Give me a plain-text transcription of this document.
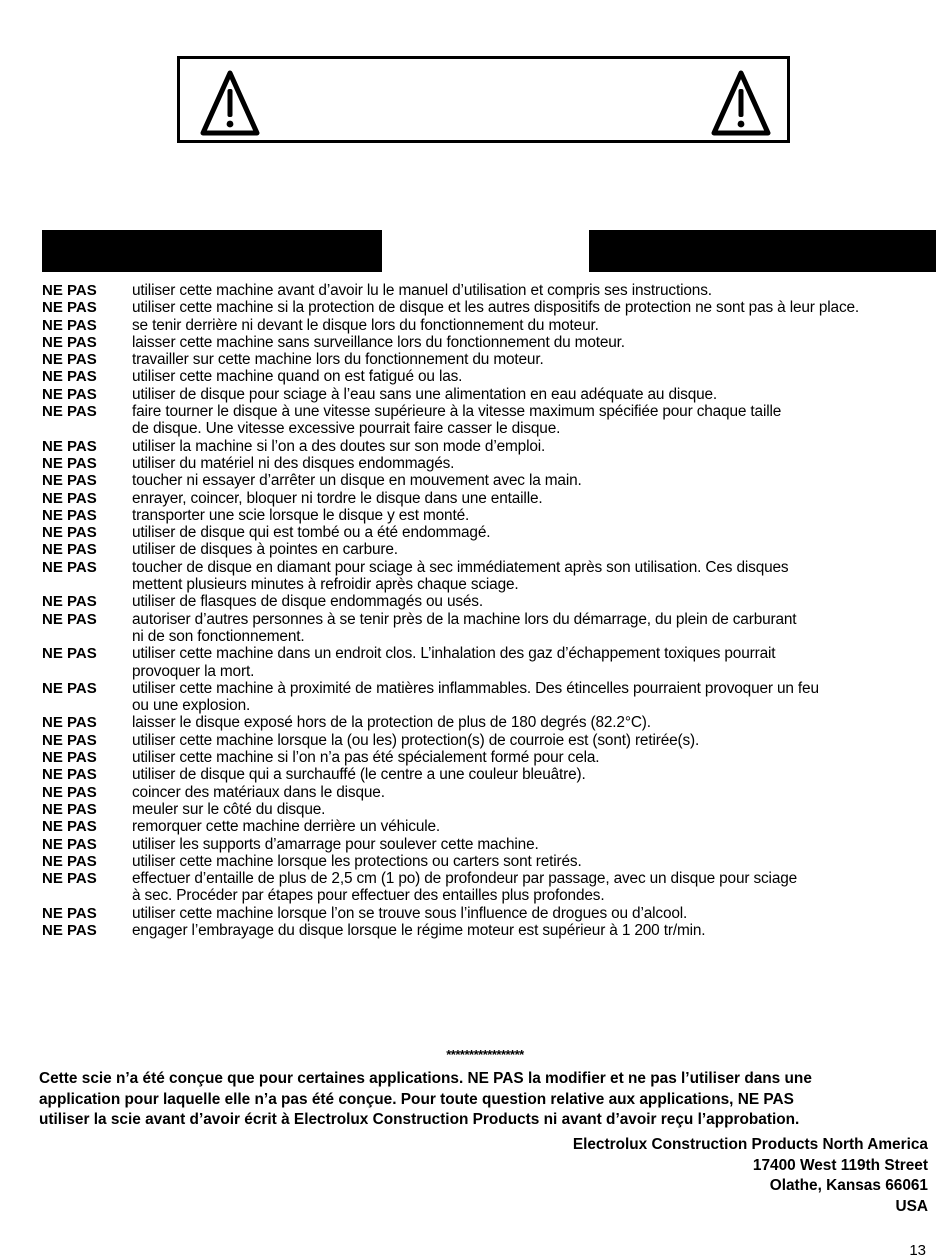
NE PAS	utiliser cette machine avant d’avoir lu le manuel d’utilisation et compris ses instructions.
NE PAS	utiliser cette machine si la protection de disque et les autres dispositifs de protection ne sont pas à leur place.
NE PAS	se tenir derrière ni devant le disque lors du fonctionnement du moteur.
NE PAS	laisser cette machine sans surveillance lors du fonctionnement du moteur.
NE PAS	travailler sur cette machine lors du fonctionnement du moteur.
NE PAS	utiliser cette machine quand on est fatigué ou las.
NE PAS	utiliser de disque pour sciage à l’eau sans une alimentation en eau adéquate au disque.
NE PAS	faire tourner le disque à une vitesse supérieure à la vitesse maximum spécifiée pour chaque taille
de disque. Une vitesse excessive pourrait faire casser le disque.
NE PAS	utiliser la machine si l’on a des doutes sur son mode d’emploi.
NE PAS	utiliser du matériel ni des disques endommagés.
NE PAS	toucher ni essayer d’arrêter un disque en mouvement avec la main.
NE PAS	enrayer, coincer, bloquer ni tordre le disque dans une entaille.
NE PAS	transporter une scie lorsque le disque y est monté.
NE PAS	utiliser de disque qui est tombé ou a été endommagé.
NE PAS	utiliser de disques à pointes en carbure.
NE PAS	toucher de disque en diamant pour sciage à sec immédiatement après son utilisation. Ces disques
mettent plusieurs minutes à refroidir après chaque sciage.
NE PAS	utiliser de flasques de disque endommagés ou usés.
NE PAS	autoriser d’autres personnes à se tenir près de la machine lors du démarrage, du plein de carburant
ni de son fonctionnement.
NE PAS	utiliser cette machine dans un endroit clos. L’inhalation des gaz d’échappement toxiques pourrait
provoquer la mort.
NE PAS	utiliser cette machine à proximité de matières inflammables. Des étincelles pourraient provoquer un feu
ou une explosion.
NE PAS	laisser le disque exposé hors de la protection de plus de 180 degrés (82.2°C).
NE PAS	utiliser cette machine lorsque la (ou les) protection(s) de courroie est (sont) retirée(s).
NE PAS	utiliser cette machine si l’on n’a pas été spécialement formé pour cela.
NE PAS	utiliser de disque qui a surchauffé (le centre a une couleur bleuâtre).
NE PAS	coincer des matériaux dans le disque.
NE PAS	meuler sur le côté du disque.
NE PAS	remorquer cette machine derrière un véhicule.
NE PAS	utiliser les supports d’amarrage pour soulever cette machine.
NE PAS	utiliser cette machine lorsque les protections ou carters sont retirés.
NE PAS	effectuer d’entaille de plus de 2,5 cm (1 po) de profondeur par passage, avec un disque pour sciage
à sec. Procéder par étapes pour effectuer des entailles plus profondes.
NE PAS	utiliser cette machine lorsque l’on se trouve sous l’influence de drogues ou d’alcool.
NE PAS	engager l’embrayage du disque lorsque le régime moteur est supérieur à 1 200 tr/min.
*****************
Cette scie n’a été conçue que pour certaines applications. NE PAS la modifier et ne pas l’utiliser dans une
application pour laquelle elle n’a pas été conçue. Pour toute question relative aux applications, NE PAS
utiliser la scie avant d’avoir écrit à Electrolux Construction Products ni avant d’avoir reçu l’approbation.
Electrolux Construction Products North America
17400 West 119th Street
Olathe, Kansas 66061
USA
13
